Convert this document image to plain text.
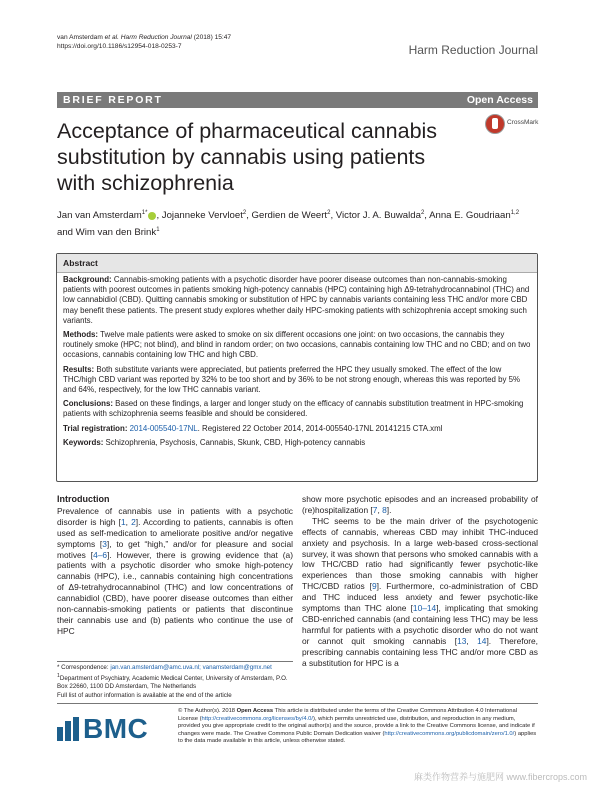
van Amsterdam et al. Harm Reduction Journal (2018) 15:47
https://doi.org/10.1186/s12954-018-0253-7	Harm Reduction Journal
BRIEF REPORT	Open Access
Acceptance of pharmaceutical cannabis substitution by cannabis using patients with schizophrenia
CrossMark
Jan van Amsterdam$^{1*}$ , Jojanneke Vervloet$^2$, Gerdien de Weert$^2$, Victor J. A. Buwalda$^2$, Anna E. Goudriaan$^{1,2}$
and Wim van den Brink$^1$
Abstract

Background: Cannabis-smoking patients with a psychotic disorder have poorer disease outcomes than non-cannabis-smoking patients with poorest outcomes in patients smoking high-potency cannabis (HPC) containing high Δ9-tetrahydrocannabinol (THC) and low cannabidiol (CBD). Quitting cannabis smoking or substitution of HPC by cannabis variants containing less THC and/or more CBD may benefit these patients. The present study explores whether daily HPC-smoking patients with schizophrenia accept smoking such variants.

Methods: Twelve male patients were asked to smoke on six different occasions one joint: on two occasions, the cannabis they routinely smoke (HPC; not blind), and blind in random order; on two occasions, cannabis containing low THC and no CBD; and on two occasions, cannabis containing low THC and high CBD.

Results: Both substitute variants were appreciated, but patients preferred the HPC they usually smoked. The effect of the low THC/high CBD variant was reported by 32% to be too short and by 36% to be not strong enough, whereas this was reported by 5% and 64%, respectively, for the low THC cannabis variant.

Conclusions: Based on these findings, a larger and longer study on the efficacy of cannabis substitution treatment in HPC-smoking patients with schizophrenia seems feasible and should be considered.

Trial registration: 2014-005540-17NL. Registered 22 October 2014, 2014-005540-17NL 20141215 CTA.xml

Keywords: Schizophrenia, Psychosis, Cannabis, Skunk, CBD, High-potency cannabis

Introduction

Prevalence of cannabis use in patients with a psychotic disorder is high [1, 2]. According to patients, cannabis is often used as self-medication to ameliorate positive and/or negative symptoms [3], to get “high,” and/or for pleasure and social motives [4–6]. However, there is growing evidence that (a) patients with a psychotic disorder who smoke high-potency cannabis (HPC), i.e., cannabis containing high concentrations of Δ9-tetrahydrocannabinol (THC) and low concentrations of cannabidiol (CBD), have poorer disease outcomes than either non-cannabis-smoking patients or patients that discontinue their cannabis use and (b) patients who continue the use of HPC

show more psychotic episodes and an increased probability of (re)hospitalization [7, 8].

THC seems to be the main driver of the psychotogenic effects of cannabis, whereas CBD may inhibit THC-induced anxiety and psychosis. In a large web-based cross-sectional survey, it was shown that persons who smoked cannabis with a low THC/CBD ratio had significantly fewer psychotic-like experiences than those smoking cannabis with higher THC/CBD ratios [9]. Furthermore, co-administration of CBD and THC induced less anxiety and fewer psychotic-like symptoms than THC alone [10–14], implicating that smoking CBD-enriched cannabis (and containing less THC) may be less harmful for patients with a psychotic disorder who do not want or cannot quit smoking cannabis [13, 14]. Therefore, prescribing cannabis containing less THC and/or more CBD as a substitution for HPC is a

* Correspondence: jan.van.amsterdam@amc.uva.nl; vanamsterdam@gmx.net
$^1$Department of Psychiatry, Academic Medical Center, University of Amsterdam, P.O. Box 22660, 1100 DD Amsterdam, The Netherlands
Full list of author information is available at the end of the article
BMC
© The Author(s). 2018 Open Access This article is distributed under the terms of the Creative Commons Attribution 4.0 International License (http://creativecommons.org/licenses/by/4.0/), which permits unrestricted use, distribution, and reproduction in any medium, provided you give appropriate credit to the original author(s) and the source, provide a link to the Creative Commons license, and indicate if changes were made. The Creative Commons Public Domain Dedication waiver (http://creativecommons.org/publicdomain/zero/1.0/) applies to the data made available in this article, unless otherwise stated.
麻类作物营养与施肥网 www.fibercrops.com
